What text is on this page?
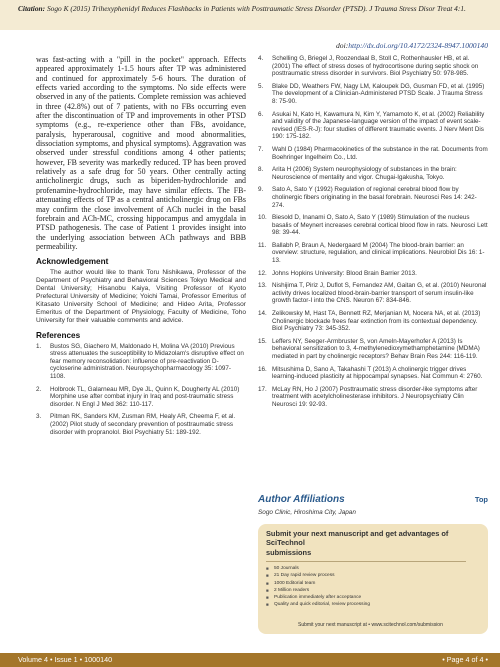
Citation: Sogo K (2015) Trihexyphenidyl Reduces Flashbacks in Patients with Posttraumatic Stress Disorder (PTSD). J Trauma Stress Disor Treat 4:1.
doi:http://dx.doi.org/10.4172/2324-8947.1000140

was fast-acting with a "pill in the pocket" approach. Effects appeared approximately 1-1.5 hours after TP was administered and continued for approximately 5-6 hours. The duration of effects varied according to the symptoms. No side effects were observed in any of the patients. Complete remission was achieved in three (42.8%) out of 7 patients, with no FBs occurring even after the discontinuation of TP and improvements in other PTSD symptoms (e.g., re-experience other than FBs, avoidance, paralysis, hyperarousal, cognitive and mood abnormalities, dissociation symptoms, and physical symptoms). Aggravation was observed under stressful conditions among 4 other patients; however, FB severity was markedly reduced. TP has been proved relatively as a safe drug for 50 years. Other centrally acting anticholinergic drugs, such as biperiden-hydrochloride and profenamine-hydrochloride, may have similar effects. The FB-attenuating effects of TP as a central anticholinergic drug on FBs may confirm the close involvement of ACh nuclei in the basal forebrain and ACh-MC, crossing hippocampus and amygdala in PTSD pathogenesis. The case of Patient 1 provides insight into the underlying association between ACh pathways and BBB permeability.

Acknowledgement

The author would like to thank Toru Nishikawa, Professor of the Department of Psychiatry and Behavioral Sciences Tokyo Medical and Dental University; Hisanobu Kaiya, Visiting Professor of Kyoto Prefectural University of Medicine; Yoichi Tamai, Professor Emeritus of Kitasato University School of Medicine; and Hideo Arita, Professor Emeritus of the Department of Physiology, Faculty of Medicine, Toho University for their valuable comments and advice.

References
1. Bustos SG, Giachero M, Maldonado H, Molina VA (2010) Previous stress attenuates the susceptibility to Midazolam's disruptive effect on fear memory reconsolidation: influence of pre-reactivation D-cycloserine administration. Neuropsychopharmacology 35: 1097-1108.
2. Holbrook TL, Galarneau MR, Dye JL, Quinn K, Dougherty AL (2010) Morphine use after combat injury in Iraq and post-traumatic stress disorder. N Engl J Med 362: 110-117.
3. Pitman RK, Sanders KM, Zusman RM, Healy AR, Cheema F, et al. (2002) Pilot study of secondary prevention of posttraumatic stress disorder with propranolol. Biol Psychiatry 51: 189-192.
4. Schelling G, Briegel J, Roozendaal B, Stoll C, Rothenhausler HB, et al. (2001) The effect of stress doses of hydrocortisone during septic shock on posttraumatic stress disorder in survivors. Biol Psychiatry 50: 978-985.
5. Blake DD, Weathers FW, Nagy LM, Kaloupek DG, Gusman FD, et al. (1995) The development of a Clinician-Administered PTSD Scale. J Trauma Stress 8: 75-90.
6. Asukai N, Kato H, Kawamura N, Kim Y, Yamamoto K, et al. (2002) Reliability and validity of the Japanese-language version of the impact of event scale-revised (IES-R-J): four studies of different traumatic events. J Nerv Ment Dis 190: 175-182.
7. Wahl D (1984) Pharmacokinetics of the substance in the rat. Documents from Boehringer Ingelheim Co., Ltd.
8. Arita H (2006) System neurophysiology of substances in the brain: Neuroscience of mentality and vigor. Chugai-Igakusha, Tokyo.
9. Sato A, Sato Y (1992) Regulation of regional cerebral blood flow by cholinergic fibers originating in the basal forebrain. Neurosci Res 14: 242-274.
10. Biesold D, Inanami O, Sato A, Sato Y (1989) Stimulation of the nucleus basalis of Meynert increases cerebral cortical blood flow in rats. Neurosci Lett 98: 39-44.
11. Ballabh P, Braun A, Nedergaard M (2004) The blood-brain barrier: an overview: structure, regulation, and clinical implications. Neurobiol Dis 16: 1-13.
12. Johns Hopkins University: Blood Brain Barrier 2013.
13. Nishijima T, Piriz J, Duflot S, Fernandez AM, Gaitan G, et al. (2010) Neuronal activity drives localized blood-brain-barrier transport of serum insulin-like growth factor-I into the CNS. Neuron 67: 834-846.
14. Zelikowsky M, Hast TA, Bennett RZ, Merjanian M, Nocera NA, et al. (2013) Cholinergic blockade frees fear extinction from its contextual dependency. Biol Psychiatry 73: 345-352.
15. Leffers NY, Seeger-Armbruster S, von Ameln-Mayerhofer A (2013) Is behavioral sensitization to 3, 4-methylenedioxymethamphetamine (MDMA) mediated in part by cholinergic receptors? Behav Brain Res 244: 116-119.
16. Mitsushima D, Sano A, Takahashi T (2013) A cholinergic trigger drives learning-induced plasticity at hippocampal synapses. Nat Commun 4: 2760.
17. McLay RN, Ho J (2007) Posttraumatic stress disorder-like symptoms after treatment with acetylcholinesterase inhibitors. J Neuropsychiatry Clin Neurosci 19: 92-93.
Author Affiliations	Top
Sogo Clinic, Hiroshima City, Japan
Submit your next manuscript and get advantages of SciTechnol
submissions
■ 50 Journals
■ 21 Day rapid review process
■ 1000 Editorial team
■ 2 Million readers
■ Publication immediately after acceptance
■ Quality and quick editorial, review processing
Submit your next manuscript at • www.scitechnol.com/submission
Volume 4 • Issue 1 • 1000140	• Page 4 of 4 •
